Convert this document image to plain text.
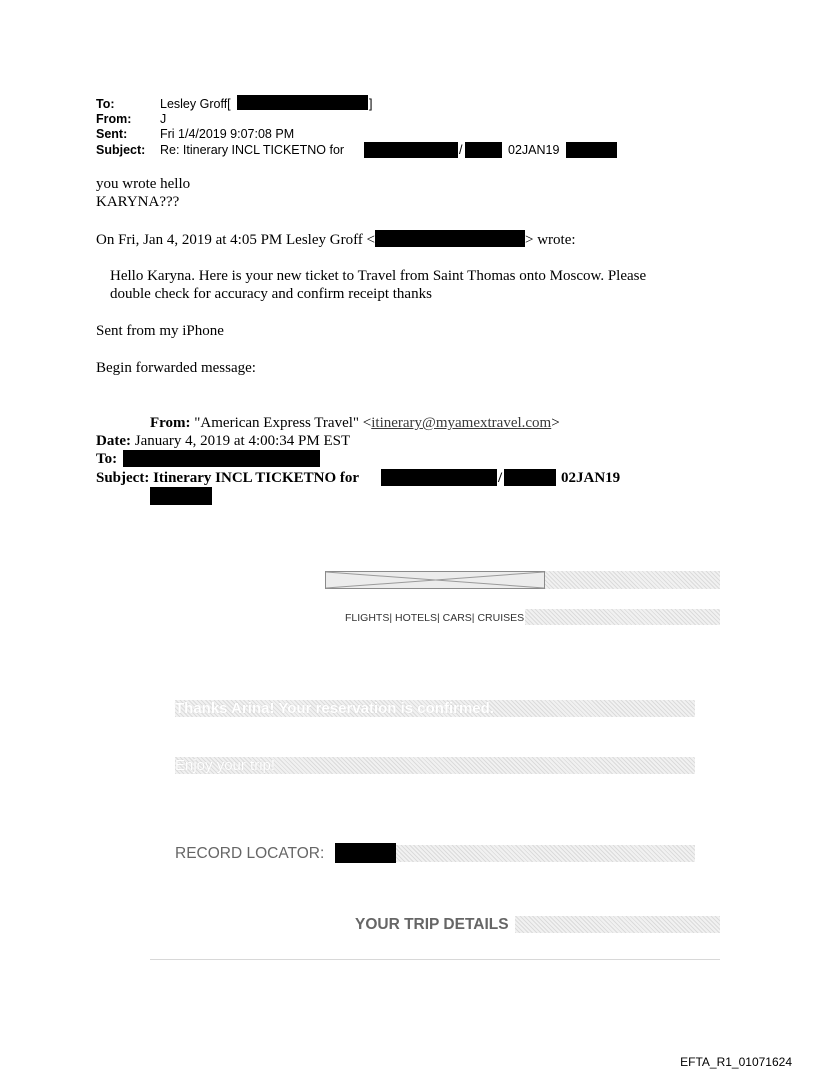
To:	Lesley Groff[	]
From: J
Sent:	Fri 1/4/2019 9:07:08 PM
Subject: Re: Itinerary INCL TICKETNO for	/	02JAN19
you wrote hello
KARYNA???
On Fri, Jan 4, 2019 at 4:05 PM Lesley Groff <	> wrote:
Hello Karyna. Here is your new ticket to Travel from Saint Thomas onto Moscow. Please
double check for accuracy and confirm receipt thanks
Sent from my iPhone
Begin forwarded message:
From: "American Express Travel" <itinerary@myamextravel.com>
Date: January 4, 2019 at 4:00:34 PM EST
To:
Subject: Itinerary INCL TICKETNO for	/	02JAN19
FLIGHTS| HOTELS| CARS| CRUISES
Thanks Arina! Your reservation is confirmed.
Enjoy your trip!
RECORD LOCATOR:
YOUR TRIP DETAILS
EFTA_R1_01071624
